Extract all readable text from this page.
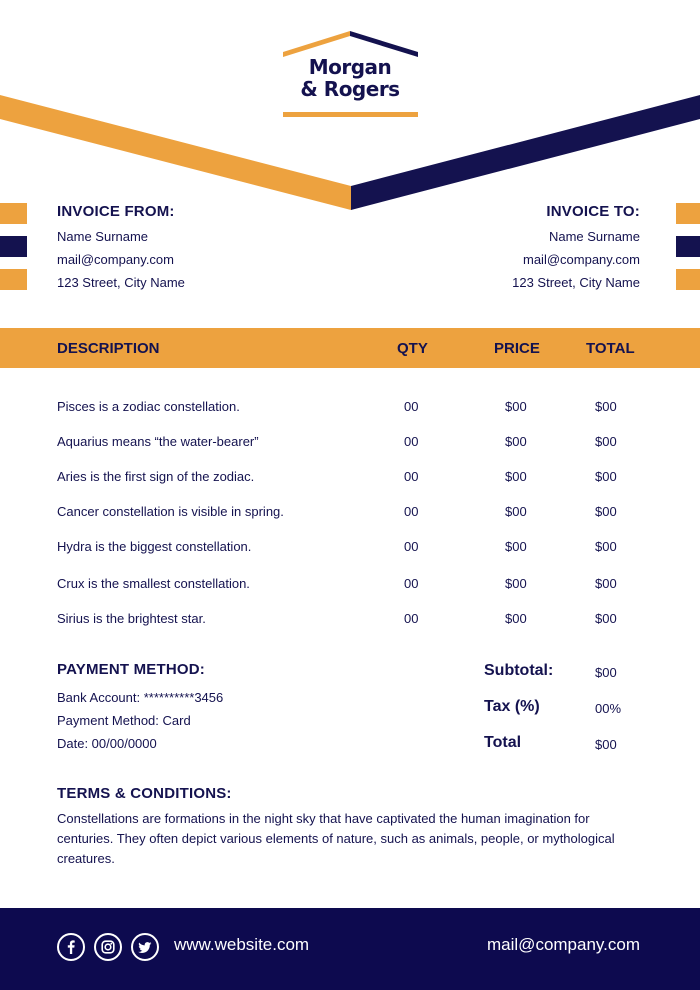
Morgan
& Rogers
INVOICE FROM:
Name Surname
mail@company.com
123 Street, City Name
INVOICE TO:
Name Surname
mail@company.com
123 Street, City Name
DESCRIPTION	QTY	PRICE	TOTAL
Pisces is a zodiac constellation.	00	$00	$00
Aquarius means “the water-bearer”	00	$00	$00
Aries is the first sign of the zodiac.	00	$00	$00
Cancer constellation is visible in spring.	00	$00	$00
Hydra is the biggest constellation.	00	$00	$00
Crux is the smallest constellation.	00	$00	$00
Sirius is the brightest star.	00	$00	$00
PAYMENT METHOD:
Bank Account: **********3456
Payment Method: Card
Date: 00/00/0000
Subtotal:	$00
Tax (%)	00%
Total	$00
TERMS & CONDITIONS:
Constellations are formations in the night sky that have captivated the human imagination for centuries. They often depict various elements of nature, such as animals, people, or mythological creatures.
www.website.com	mail@company.com
